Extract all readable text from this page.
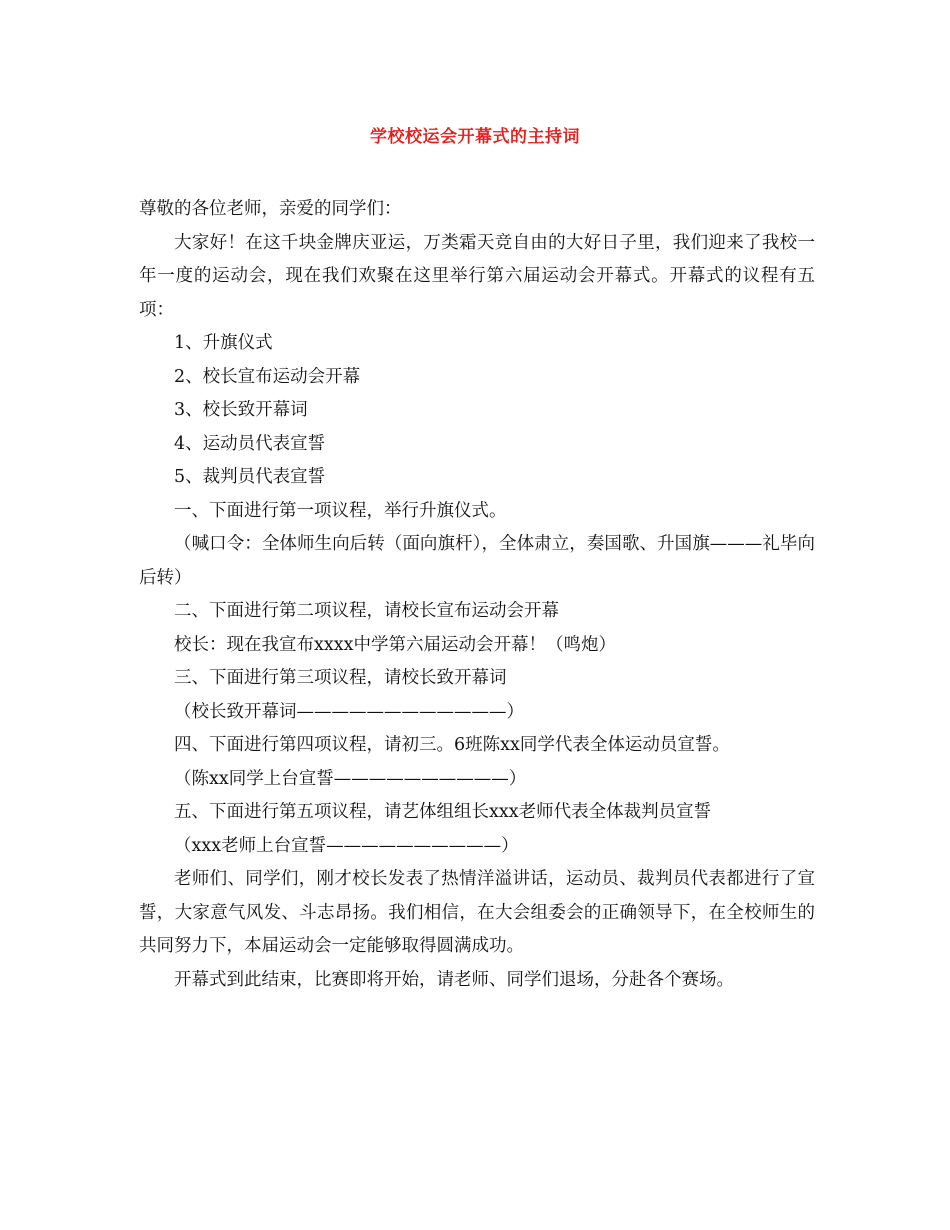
学校校运会开幕式的主持词

尊敬的各位老师，亲爱的同学们：

大家好！在这千块金牌庆亚运，万类霜天竞自由的大好日子里，我们迎来了我校一年一度的运动会，现在我们欢聚在这里举行第六届运动会开幕式。开幕式的议程有五项：

1、升旗仪式

2、校长宣布运动会开幕

3、校长致开幕词

4、运动员代表宣誓

5、裁判员代表宣誓

一、下面进行第一项议程，举行升旗仪式。

（喊口令：全体师生向后转（面向旗杆），全体肃立，奏国歌、升国旗———礼毕向后转）

二、下面进行第二项议程，请校长宣布运动会开幕

校长：现在我宣布xxxx中学第六届运动会开幕！（鸣炮）

三、下面进行第三项议程，请校长致开幕词

（校长致开幕词————————————）

四、下面进行第四项议程，请初三。6班陈xx同学代表全体运动员宣誓。

（陈xx同学上台宣誓——————————）

五、下面进行第五项议程，请艺体组组长xxx老师代表全体裁判员宣誓

（xxx老师上台宣誓——————————）

老师们、同学们，刚才校长发表了热情洋溢讲话，运动员、裁判员代表都进行了宣誓，大家意气风发、斗志昂扬。我们相信，在大会组委会的正确领导下，在全校师生的共同努力下，本届运动会一定能够取得圆满成功。

开幕式到此结束，比赛即将开始，请老师、同学们退场，分赴各个赛场。
